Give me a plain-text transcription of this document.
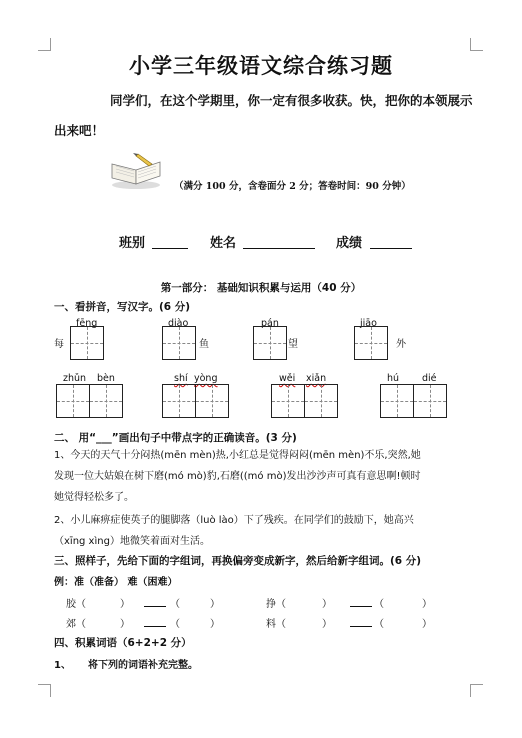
小学三年级语文综合练习题
同学们，在这个学期里，你一定有很多收获。快，把你的本领展示出来吧！
（满分 100 分，含卷面分 2 分；答卷时间：90 分钟）
班别	姓名	成绩
第一部分： 基础知识积累与运用（40 分）
一、看拼音，写汉字。(6 分)
fēng
每
diào
鱼
pán
望
jiāo
外
zhǔn bèn	shí yòng	wěi xiǎn	hú dié
二、 用“___”画出句子中带点字的正确读音。(3 分)
1、今天的天气十分闷热(mēn mèn)热,小红总是觉得闷闷(mēn mèn)不乐,突然,她
发现一位大姑娘在树下磨(mó mò)豹,石磨((mó mò)发出沙沙声可真有意思啊!顿时
她觉得轻松多了。
2、小儿麻痹症使英子的腿脚落（luò lào）下了残疾。在同学们的鼓励下，她高兴
（xīng xìng）地微笑着面对生活。
三、照样子，先给下面的字组词，再换偏旁变成新字，然后给新字组词。(6 分)
例：准（准备） 难（困难）
胶（	）	（	）	挣（	）	（	）
郊（	）	（	）	料（	）	（	）
四、积累词语（6+2+2 分）
1、 将下列的词语补充完整。
